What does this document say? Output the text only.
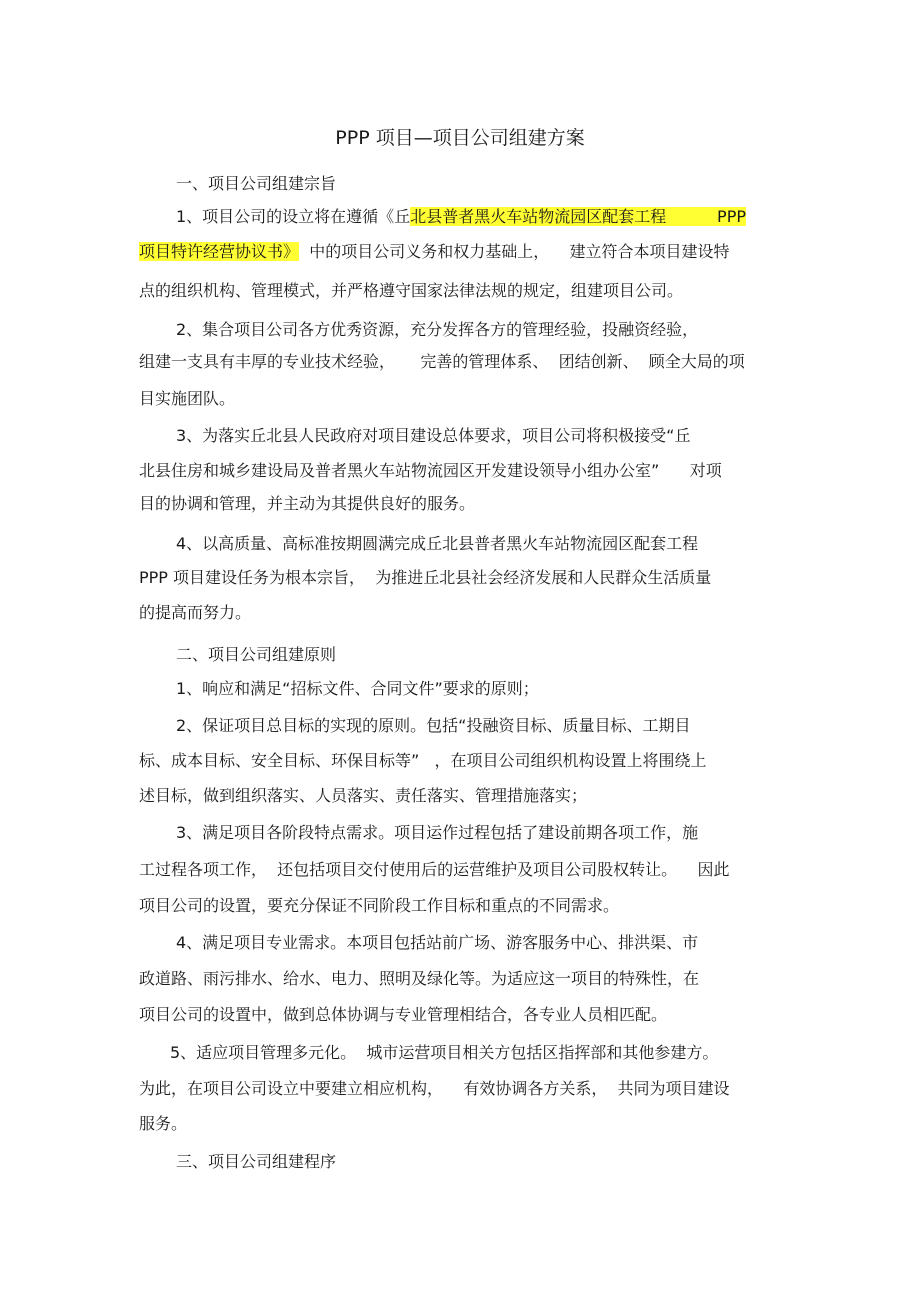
PPP 项目—项目公司组建方案
一、项目公司组建宗旨
1、项目公司的设立将在遵循《丘北县普者黑火车站物流园区配套工程          PPP
项目特许经营协议书》  中的项目公司义务和权力基础上，    建立符合本项目建设特
点的组织机构、管理模式，并严格遵守国家法律法规的规定，组建项目公司。
2、集合项目公司各方优秀资源，充分发挥各方的管理经验，投融资经验，
组建一支具有丰厚的专业技术经验，     完善的管理体系、  团结创新、  顾全大局的项
目实施团队。
3、为落实丘北县人民政府对项目建设总体要求，项目公司将积极接受“丘
北县住房和城乡建设局及普者黑火车站物流园区开发建设领导小组办公室”      对项
目的协调和管理，并主动为其提供良好的服务。
4、以高质量、高标准按期圆满完成丘北县普者黑火车站物流园区配套工程
PPP 项目建设任务为根本宗旨，  为推进丘北县社会经济发展和人民群众生活质量
的提高而努力。
二、项目公司组建原则
1、响应和满足“招标文件、合同文件”要求的原则；
2、保证项目总目标的实现的原则。包括“投融资目标、质量目标、工期目
标、成本目标、安全目标、环保目标等”   ，在项目公司组织机构设置上将围绕上
述目标，做到组织落实、人员落实、责任落实、管理措施落实；
3、满足项目各阶段特点需求。项目运作过程包括了建设前期各项工作，施
工过程各项工作，  还包括项目交付使用后的运营维护及项目公司股权转让。    因此
项目公司的设置，要充分保证不同阶段工作目标和重点的不同需求。
4、满足项目专业需求。本项目包括站前广场、游客服务中心、排洪渠、市
政道路、雨污排水、给水、电力、照明及绿化等。为适应这一项目的特殊性，在
项目公司的设置中，做到总体协调与专业管理相结合，各专业人员相匹配。
5、适应项目管理多元化。  城市运营项目相关方包括区指挥部和其他参建方。
为此，在项目公司设立中要建立相应机构，    有效协调各方关系，  共同为项目建设
服务。
三、项目公司组建程序
